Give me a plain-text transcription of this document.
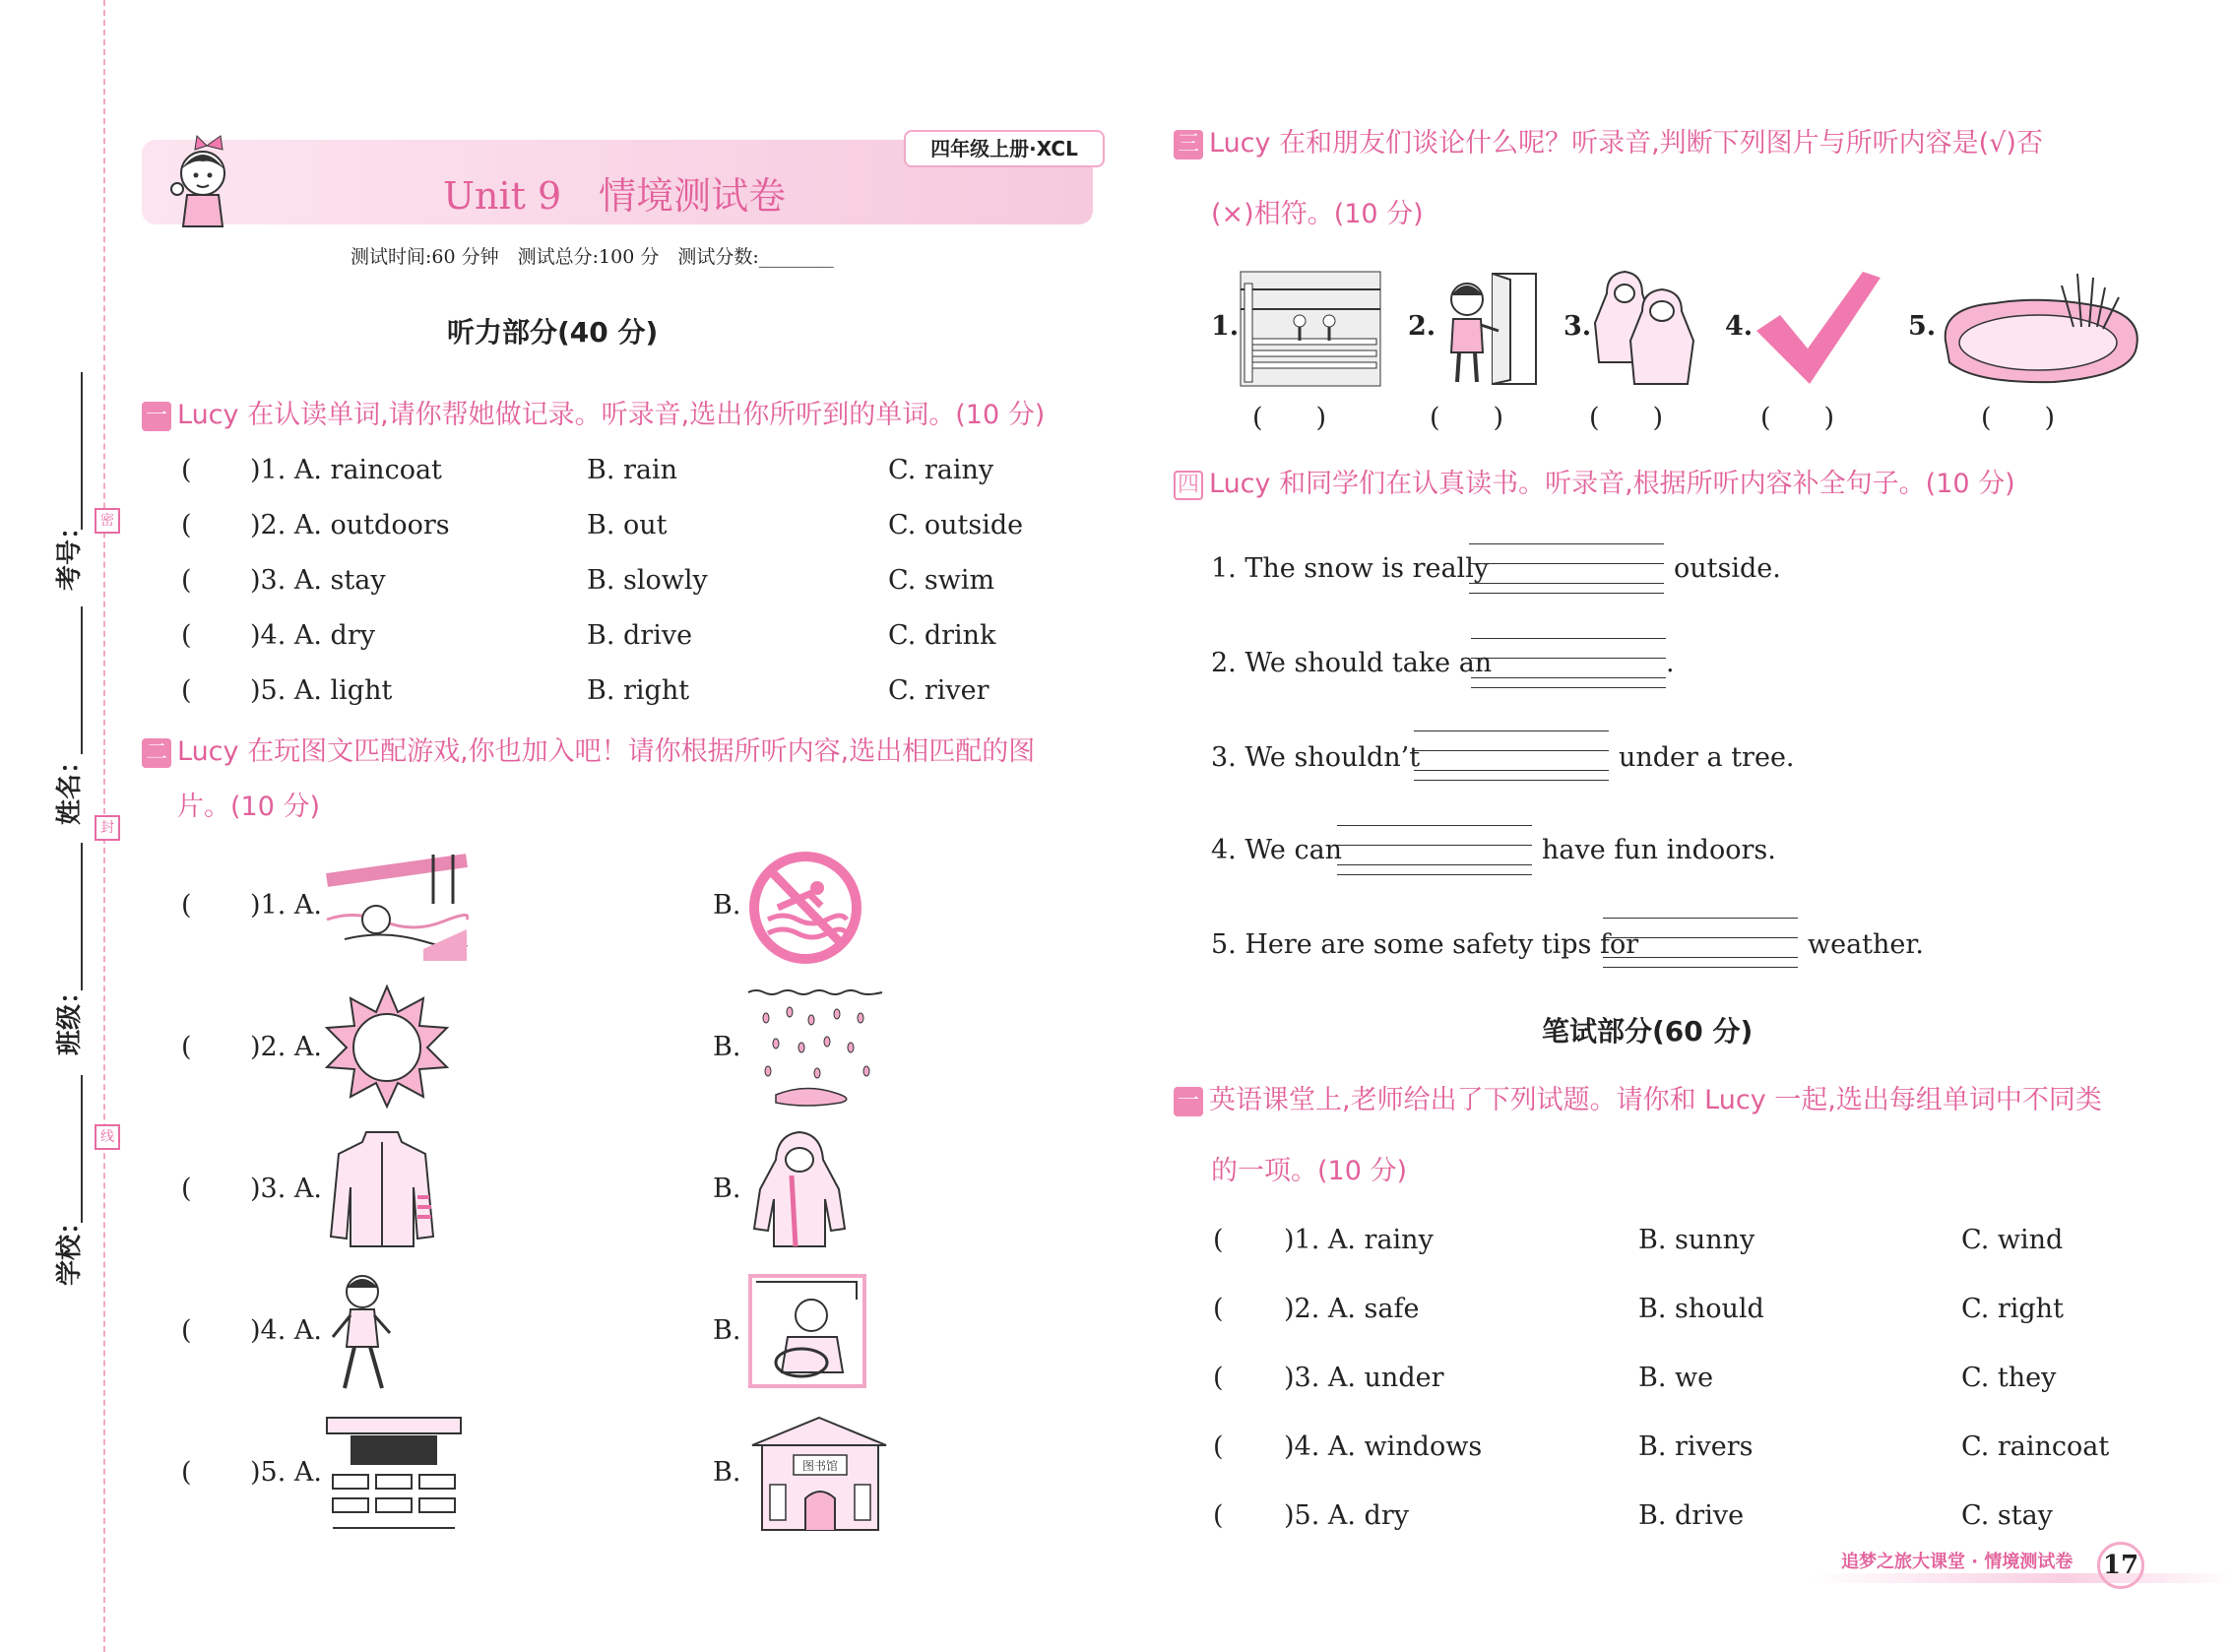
密
封
线
考号：
姓名：
班级：
学校：
Unit 9　情境测试卷
四年级上册·XCL
测试时间:60 分钟　测试总分:100 分　测试分数:________
听力部分(40 分)
一 Lucy 在认读单词,请你帮她做记录。听录音,选出你所听到的单词。(10 分)
( )1. A. raincoat	B. rain	C. rainy
( )2. A. outdoors	B. out	C. outside
( )3. A. stay	B. slowly	C. swim
( )4. A. dry	B. drive	C. drink
( )5. A. light	B. right	C. river
二 Lucy 在玩图文匹配游戏,你也加入吧！请你根据所听内容,选出相匹配的图
片。(10 分)
( )1. A.	B.
( )2. A.	B.
( )3. A.	B.
( )4. A.	B.
( )5. A.	B.	图书馆
三 Lucy 在和朋友们谈论什么呢？听录音,判断下列图片与所听内容是(√)否
(×)相符。(10 分)
1.	2.	3.	4.	5.
(　　)	(　　)	(　　)	(　　)	(　　)
四 Lucy 和同学们在认真读书。听录音,根据所听内容补全句子。(10 分)
1. The snow is really	outside.
2. We should take an	.
3. We shouldn’t	under a tree.
4. We can	have fun indoors.
5. Here are some safety tips for	weather.
笔试部分(60 分)
一 英语课堂上,老师给出了下列试题。请你和 Lucy 一起,选出每组单词中不同类
的一项。(10 分)
( )1. A. rainy	B. sunny	C. wind
( )2. A. safe	B. should	C. right
( )3. A. under	B. we	C. they
( )4. A. windows	B. rivers	C. raincoat
( )5. A. dry	B. drive	C. stay
追梦之旅大课堂 · 情境测试卷 17
